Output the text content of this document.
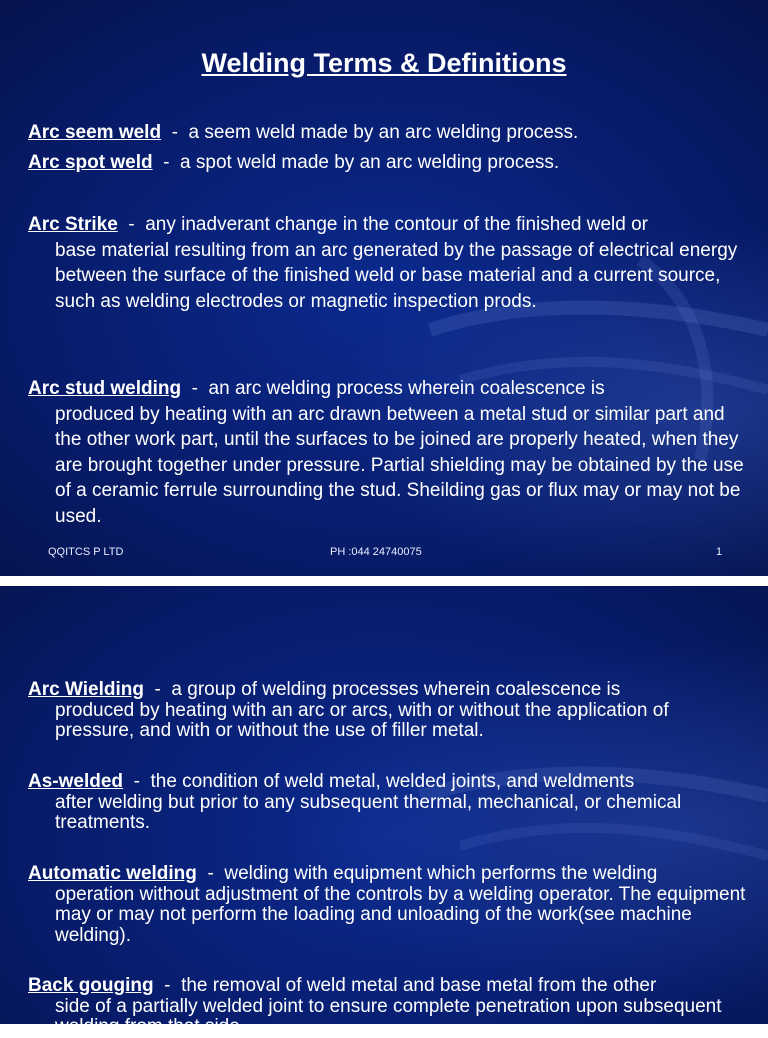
Welding Terms & Definitions
Arc seem weld  -  a seem weld made by an arc welding process.
Arc spot weld  -  a spot weld made by an arc welding process.
Arc Strike  -  any inadverant change in the contour of the finished weld or
base material resulting from an arc generated by the passage of electrical energy between the surface of the finished weld or base material and a current source, such as welding electrodes or magnetic inspection prods.
Arc stud welding  -  an arc welding process wherein coalescence is
produced by heating with an arc drawn between a metal stud or similar part and the other work part, until the surfaces to be joined are properly heated, when they are brought together under pressure. Partial shielding may be obtained by the use of a ceramic ferrule surrounding the stud. Sheilding gas or flux may or may not be used.
QQITCS P LTD	PH :044 24740075	1
Arc Wielding  -  a group of welding processes wherein coalescence is
produced by heating with an arc or arcs, with or without the application of pressure, and with or without the use of filler metal.
As-welded  -  the condition of weld metal, welded joints, and weldments
after welding but prior to any subsequent thermal, mechanical, or chemical treatments.
Automatic welding  -  welding with equipment which performs the welding
operation without adjustment of the controls by a welding operator. The equipment may or may not perform the loading and unloading of the work(see machine welding).
Back gouging  -  the removal of weld metal and base metal from the other
side of a partially welded joint to ensure complete penetration upon subsequent welding from that side.
